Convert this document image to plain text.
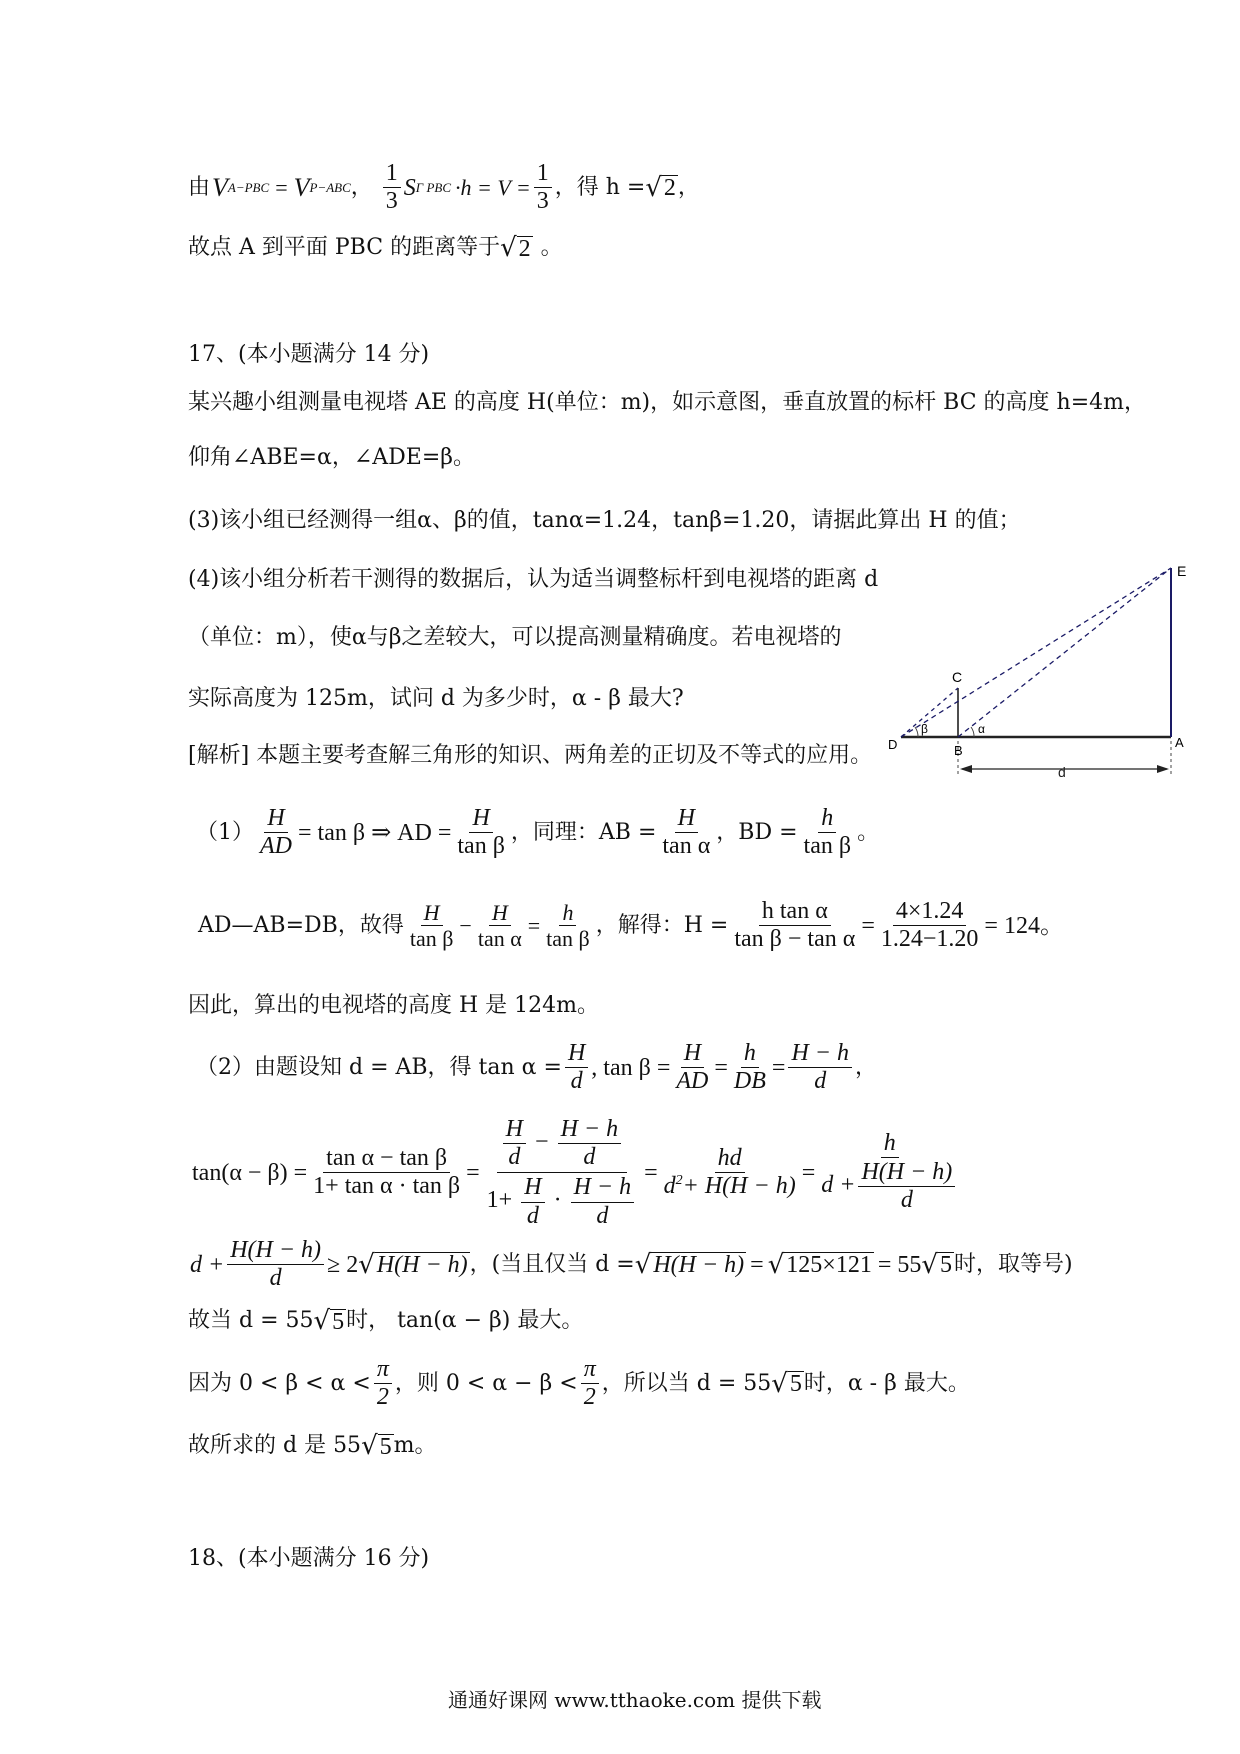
由 V A−PBC = V P−ABC ， $\frac{1}{3}$ S Γ PBC $\cdot h = V = \frac{1}{3}$ ，得 h = √ 2 ，
故点 A 到平面 PBC 的距离等于 √ 2 。
17、(本小题满分 14 分)
某兴趣小组测量电视塔 AE 的高度 H(单位：m)，如示意图，垂直放置的标杆 BC 的高度 h=4m，
仰角∠ABE=α，∠ADE=β。
(3)该小组已经测得一组α、β的值，tanα=1.24，tanβ=1.20，请据此算出 H 的值；
(4)该小组分析若干测得的数据后，认为适当调整标杆到电视塔的距离 d
（单位：m），使α与β之差较大，可以提高测量精确度。若电视塔的
实际高度为 125m，试问 d 为多少时，α - β 最大?
[解析] 本题主要考查解三角形的知识、两角差的正切及不等式的应用。
E
C
D	B
A
β	α
d
$(1) \frac{H}{AD} = \tan \beta$ ⇒ AD = $\frac{H}{\text{tan β}}$ ，同理：AB = $\frac{H}{\text{tan α}}$ ，BD = $\frac{h}{\text{tan β}}$ 。
AD—AB=DB，故得 $\frac{H}{\text{tan β}} - \frac{H}{\text{tan α}} = \frac{h}{\text{tan β}}$ ，解得：$H = \frac{\text{h tan α}}{\text{tan β − tan α}} = \frac{4\times 1.24}{1.24-1.20} = 124$。
因此，算出的电视塔的高度 H 是 124m。
（2）由题设知 d = AB，得 $\tan \alpha = \frac{H}{d}$ , $\tan \beta = \frac{H}{AD} = \frac{h}{DB} = \frac{H - h}{d}$ ，
$\tan(\alpha - \beta) = \frac{\text{tan α − tan β}}{\text{1+ tan α · tan β}} = \frac{\frac{H}{d} - \frac{H - h}{d}}{1+ \frac{H}{d} \cdot \frac{H - h}{d}} = \frac{hd}{d^2+ H(H - h)} = \frac{h}{d + \frac{H(H - h)}{d}}$
$d + \frac{H(H - h)}{d} \ge 2$ √ H(H − h) ，(当且仅当 d = √ H(H − h) = √ 125×121 = 55 √ 5 时，取等号)
故当 d = 55 √ 5 时， tan(α − β) 最大。
因为 $0 < \beta < \alpha < \frac{\pi}{2}$ ，则 $0 < \alpha - \beta < \frac{\pi}{2}$ ，所以当 d = 55 √ 5 时，α - β 最大。
故所求的 d 是 55 √ 5 m。
18、(本小题满分 16 分)
通通好课网 www.tthaoke.com 提供下载
